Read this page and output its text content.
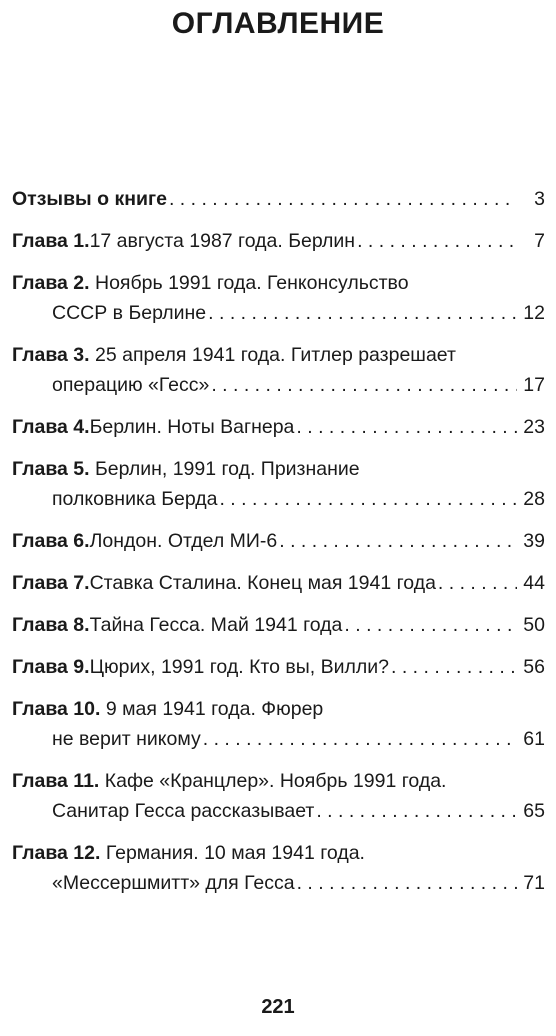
ОГЛАВЛЕНИЕ
Отзывы о книге . . .	3
Глава 1. 17 августа 1987 года. Берлин . . .	7
Глава 2. Ноябрь 1991 года. Генконсульство
СССР в Берлине . . .	12
Глава 3. 25 апреля 1941 года. Гитлер разрешает
операцию «Гесс» . . .	17
Глава 4. Берлин. Ноты Вагнера . . .	23
Глава 5. Берлин, 1991 год. Признание
полковника Берда . . .	28
Глава 6. Лондон. Отдел МИ-6 . . .	39
Глава 7. Ставка Сталина. Конец мая 1941 года . . .	44
Глава 8. Тайна Гесса. Май 1941 года . . .	50
Глава 9. Цюрих, 1991 год. Кто вы, Вилли? . . .	56
Глава 10. 9 мая 1941 года. Фюрер
не верит никому . . .	61
Глава 11. Кафе «Кранцлер». Ноябрь 1991 года.
Санитар Гесса рассказывает . . .	65
Глава 12. Германия. 10 мая 1941 года.
«Мессершмитт» для Гесса . . .	71
221
